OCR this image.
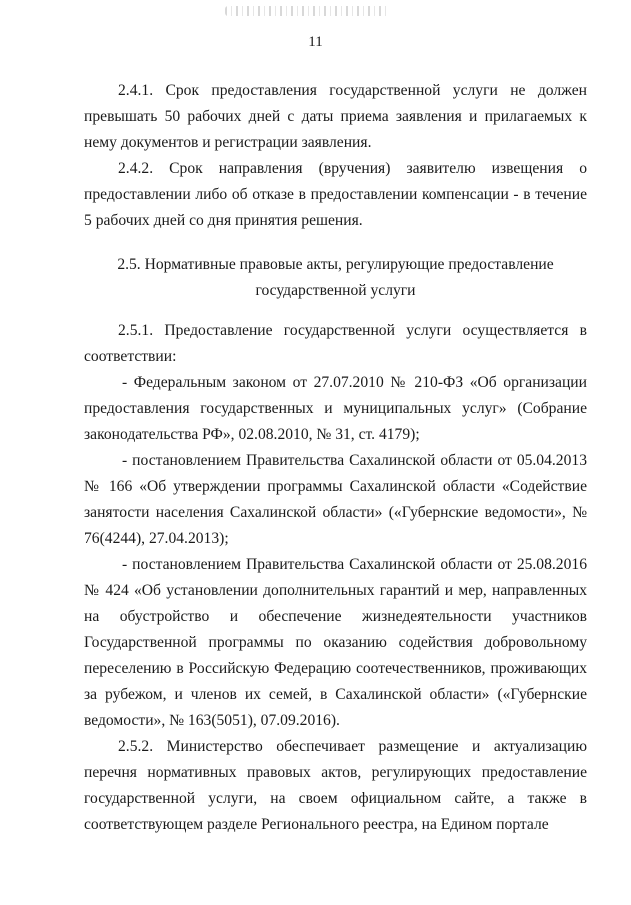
11

2.4.1. Срок предоставления государственной услуги не должен превышать 50 рабочих дней с даты приема заявления и прилагаемых к нему документов и регистрации заявления.

2.4.2. Срок направления (вручения) заявителю извещения о предоставлении либо об отказе в предоставлении компенсации - в течение 5 рабочих дней со дня принятия решения.

2.5. Нормативные правовые акты, регулирующие предоставление государственной услуги

2.5.1. Предоставление государственной услуги осуществляется в соответствии:

- Федеральным законом от 27.07.2010 № 210-ФЗ «Об организации предоставления государственных и муниципальных услуг» (Собрание законодательства РФ», 02.08.2010, № 31, ст. 4179);

- постановлением Правительства Сахалинской области от 05.04.2013 № 166 «Об утверждении программы Сахалинской области «Содействие занятости населения Сахалинской области» («Губернские ведомости», № 76(4244), 27.04.2013);

- постановлением Правительства Сахалинской области от 25.08.2016 № 424 «Об установлении дополнительных гарантий и мер, направленных на обустройство и обеспечение жизнедеятельности участников Государственной программы по оказанию содействия добровольному переселению в Российскую Федерацию соотечественников, проживающих за рубежом, и членов их семей, в Сахалинской области» («Губернские ведомости», № 163(5051), 07.09.2016).

2.5.2. Министерство обеспечивает размещение и актуализацию перечня нормативных правовых актов, регулирующих предоставление государственной услуги, на своем официальном сайте, а также в соответствующем разделе Регионального реестра, на Едином портале
